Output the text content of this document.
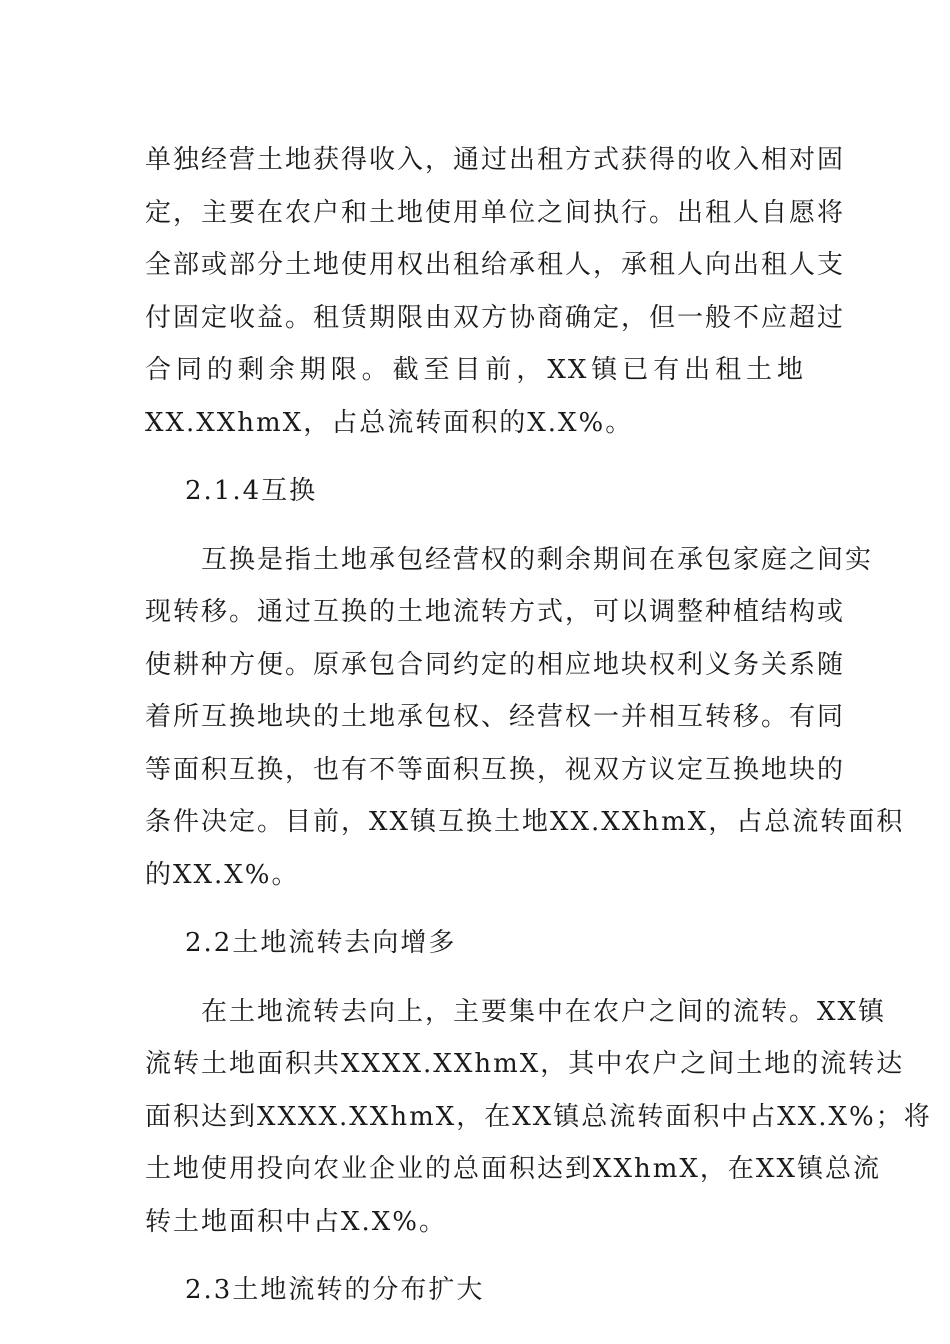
单独经营土地获得收入，通过出租方式获得的收入相对固
定，主要在农户和土地使用单位之间执行。出租人自愿将
全部或部分土地使用权出租给承租人，承租人向出租人支
付固定收益。租赁期限由双方协商确定，但一般不应超过
合同的剩余期限。截至目前，XX镇已有出租土地
XX.XXhmX，占总流转面积的X.X%。
2.1.4互换
　　互换是指土地承包经营权的剩余期间在承包家庭之间实
现转移。通过互换的土地流转方式，可以调整种植结构或
使耕种方便。原承包合同约定的相应地块权利义务关系随
着所互换地块的土地承包权、经营权一并相互转移。有同
等面积互换，也有不等面积互换，视双方议定互换地块的
条件决定。目前，XX镇互换土地XX.XXhmX，占总流转面积
的XX.X%。
2.2土地流转去向增多
　　在土地流转去向上，主要集中在农户之间的流转。XX镇
流转土地面积共XXXX.XXhmX，其中农户之间土地的流转达
面积达到XXXX.XXhmX，在XX镇总流转面积中占XX.X%；将
土地使用投向农业企业的总面积达到XXhmX，在XX镇总流
转土地面积中占X.X%。
2.3土地流转的分布扩大
